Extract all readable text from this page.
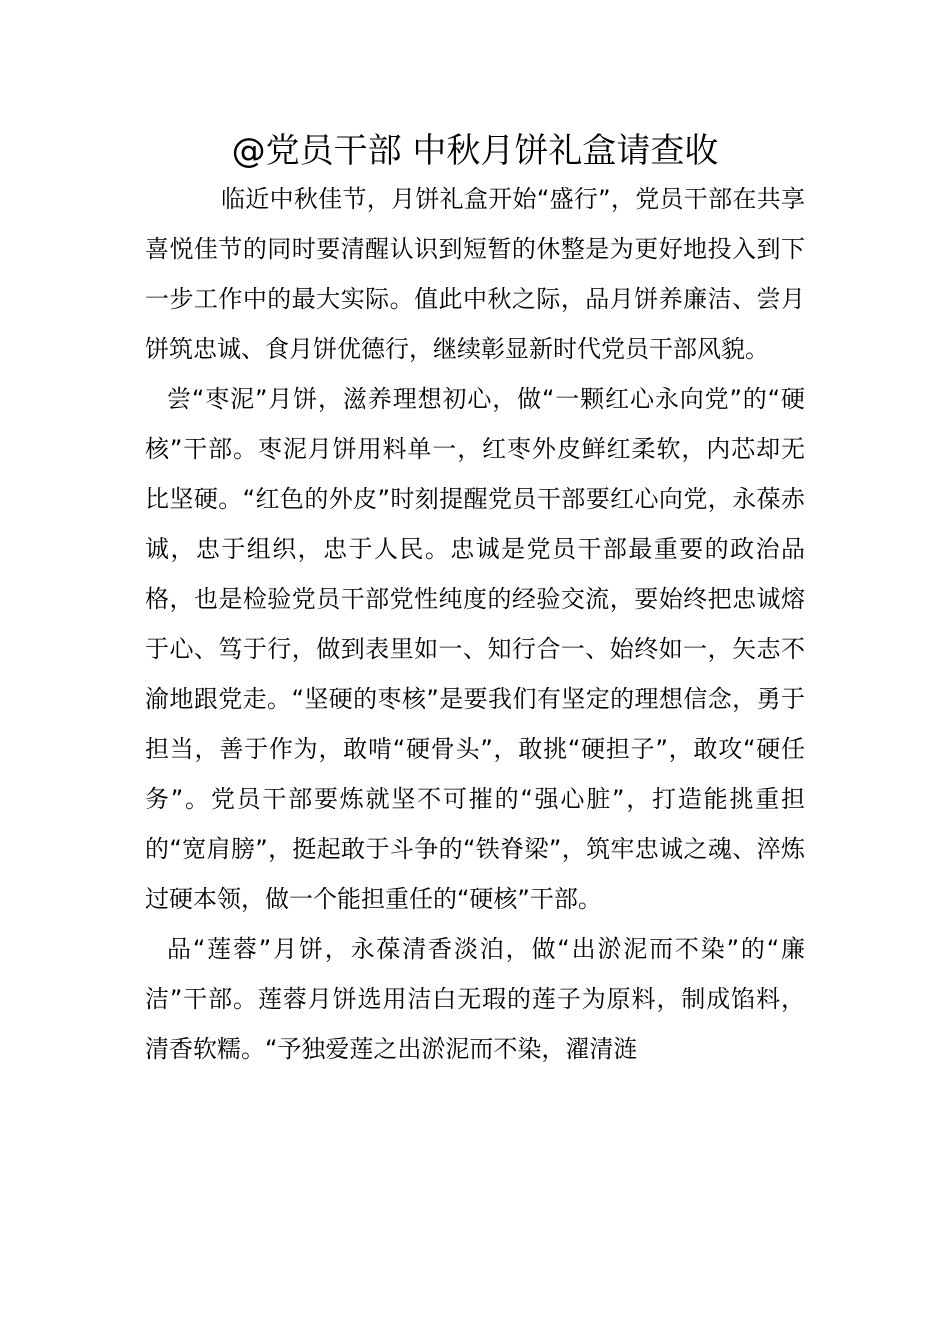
@党员干部 中秋月饼礼盒请查收

临近中秋佳节，月饼礼盒开始“盛行”，党员干部在共享喜悦佳节的同时要清醒认识到短暂的休整是为更好地投入到下一步工作中的最大实际。值此中秋之际，品月饼养廉洁、尝月饼筑忠诚、食月饼优德行，继续彰显新时代党员干部风貌。

尝“枣泥”月饼，滋养理想初心，做“一颗红心永向党”的“硬核”干部。枣泥月饼用料单一，红枣外皮鲜红柔软，内芯却无比坚硬。“红色的外皮”时刻提醒党员干部要红心向党，永葆赤诚，忠于组织，忠于人民。忠诚是党员干部最重要的政治品格，也是检验党员干部党性纯度的经验交流，要始终把忠诚熔于心、笃于行，做到表里如一、知行合一、始终如一，矢志不渝地跟党走。“坚硬的枣核”是要我们有坚定的理想信念，勇于担当，善于作为，敢啃“硬骨头”，敢挑“硬担子”，敢攻“硬任务”。党员干部要炼就坚不可摧的“强心脏”，打造能挑重担的“宽肩膀”，挺起敢于斗争的“铁脊梁”，筑牢忠诚之魂、淬炼过硬本领，做一个能担重任的“硬核”干部。

品“莲蓉”月饼，永葆清香淡泊，做“出淤泥而不染”的“廉洁”干部。莲蓉月饼选用洁白无瑕的莲子为原料，制成馅料，清香软糯。“予独爱莲之出淤泥而不染，濯清涟
